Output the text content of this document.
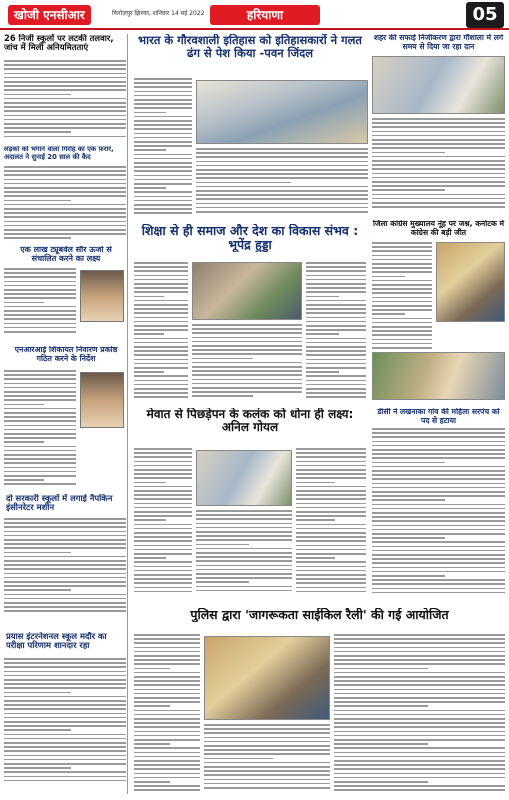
खोजी एनसीआर	फिरोज़पुर झिरका, शनिवार 14 मई 2022	हरियाणा	05
26 निजी स्कूलों पर लटकी तलवार, जांच में मिली अनियमितताएं
लड़कों को भगाने वाला गिरोह का एक फ़रार, अदालत ने सुनाई 20 साल की कैद
एक लाख ट्यूबवेल सौर ऊर्जा से संचालित करने का लक्ष्य
एनआरआई शिकायत निवारण प्रकोष्ठ गठित करने के निर्देश
दो सरकारी स्कूलों में लगाई नैपकिन इंसीनरेटर मशीन
प्रयास इंटरनेशनल स्कूल मदौर का परीक्षा परिणाम शानदार रहा
भारत के गौरवशाली इतिहास को इतिहासकारों ने गलत ढंग से पेश किया -पवन जिंदल
शहर की सफाई निजीकरण द्वारा गौशाला में लगे समय से दिया जा रहा दान
शिक्षा से ही समाज और देश का विकास संभव : भूपेंद्र हुड्डा
जिला कांग्रेस मुख्यालय नूंह पर जश्न, कर्नाटक में कांग्रेस की बड़ी जीत
मेवात से पिछड़ेपन के कलंक को धोना ही लक्ष्य: अनिल गोयल
डीसी ने लखनाका गांव की महिला सरपंच को पद से हटाया
पुलिस द्वारा 'जागरूकता साईकिल रैली' की गई आयोजित
